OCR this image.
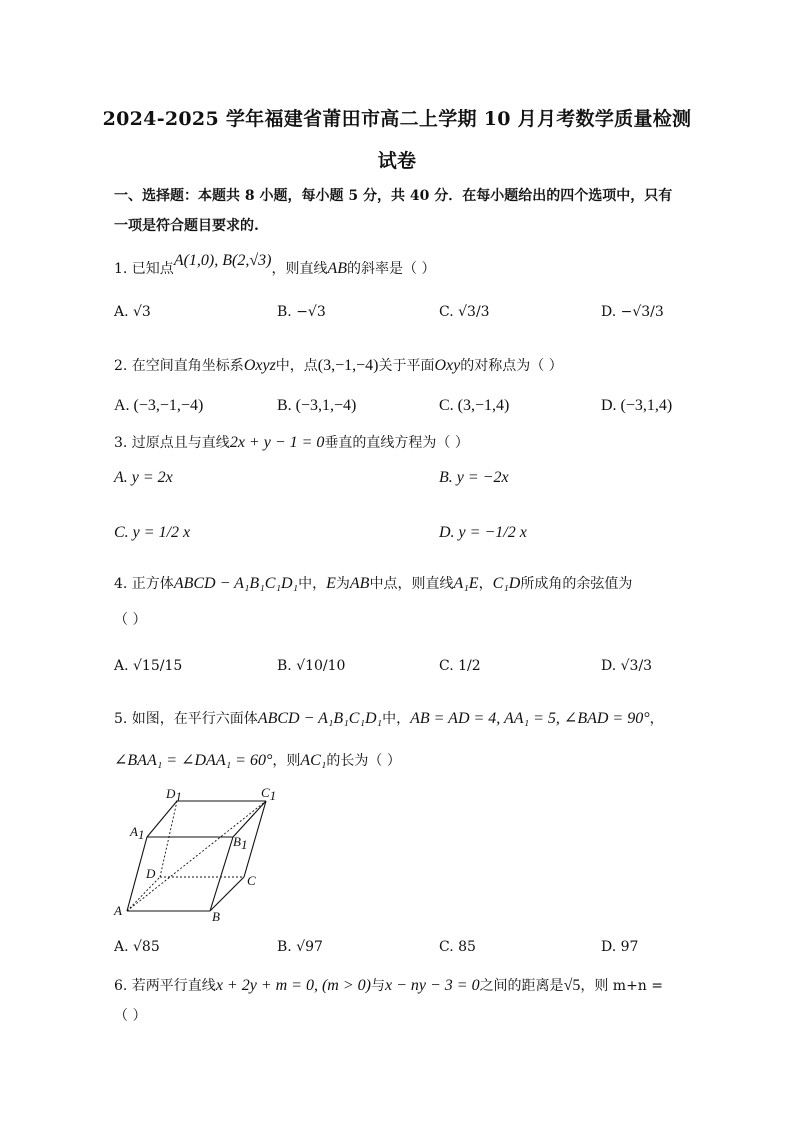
2024-2025 学年福建省莆田市高二上学期 10 月月考数学质量检测
试卷
一、选择题：本题共 8 小题，每小题 5 分，共 40 分．在每小题给出的四个选项中，只有
一项是符合题目要求的.
1. 已知点A(1,0), B(2,√3)，则直线AB的斜率是（ ）
A. √3	B. −√3	C. √3/3	D. −√3/3
2. 在空间直角坐标系Oxyz中，点(3,−1,−4)关于平面Oxy的对称点为（ ）
A. (−3,−1,−4)	B. (−3,1,−4)	C. (3,−1,4)	D. (−3,1,4)
3. 过原点且与直线2x + y − 1 = 0垂直的直线方程为（ ）
A. y = 2x	B. y = −2x
C. y = 1/2 x	D. y = −1/2 x
4. 正方体ABCD − A₁B₁C₁D₁中，E为AB中点，则直线A₁E，C₁D所成角的余弦值为
（ ）
A. √15/15	B. √10/10	C. 1/2	D. √3/3
5. 如图，在平行六面体ABCD − A₁B₁C₁D₁中，AB = AD = 4, AA₁ = 5, ∠BAD = 90°，
∠BAA₁ = ∠DAA₁ = 60°，则AC₁的长为（ ）
D1	C1
A1	B1
D	C
A	B
A. √85	B. √97	C. 85	D. 97
6. 若两平行直线x + 2y + m = 0, (m > 0)与x − ny − 3 = 0之间的距离是√5，则 m+n =
（ ）
